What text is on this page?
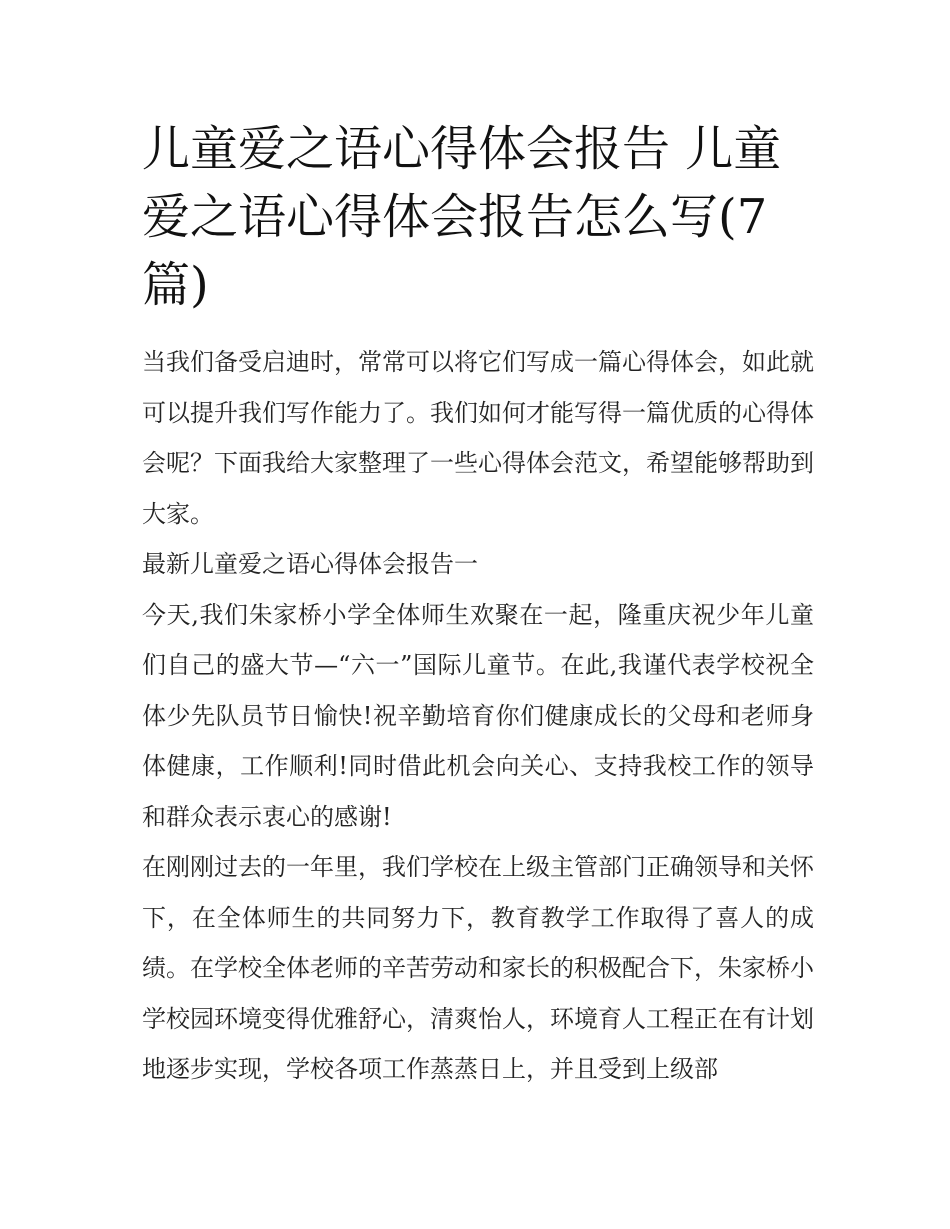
儿童爱之语心得体会报告 儿童爱之语心得体会报告怎么写(7篇)

当我们备受启迪时，常常可以将它们写成一篇心得体会，如此就可以提升我们写作能力了。我们如何才能写得一篇优质的心得体会呢？下面我给大家整理了一些心得体会范文，希望能够帮助到大家。

最新儿童爱之语心得体会报告一

今天,我们朱家桥小学全体师生欢聚在一起，隆重庆祝少年儿童们自己的盛大节—“六一”国际儿童节。在此,我谨代表学校祝全体少先队员节日愉快!祝辛勤培育你们健康成长的父母和老师身体健康，工作顺利!同时借此机会向关心、支持我校工作的领导和群众表示衷心的感谢!

在刚刚过去的一年里，我们学校在上级主管部门正确领导和关怀下，在全体师生的共同努力下，教育教学工作取得了喜人的成绩。在学校全体老师的辛苦劳动和家长的积极配合下，朱家桥小学校园环境变得优雅舒心，清爽怡人，环境育人工程正在有计划地逐步实现，学校各项工作蒸蒸日上，并且受到上级部
